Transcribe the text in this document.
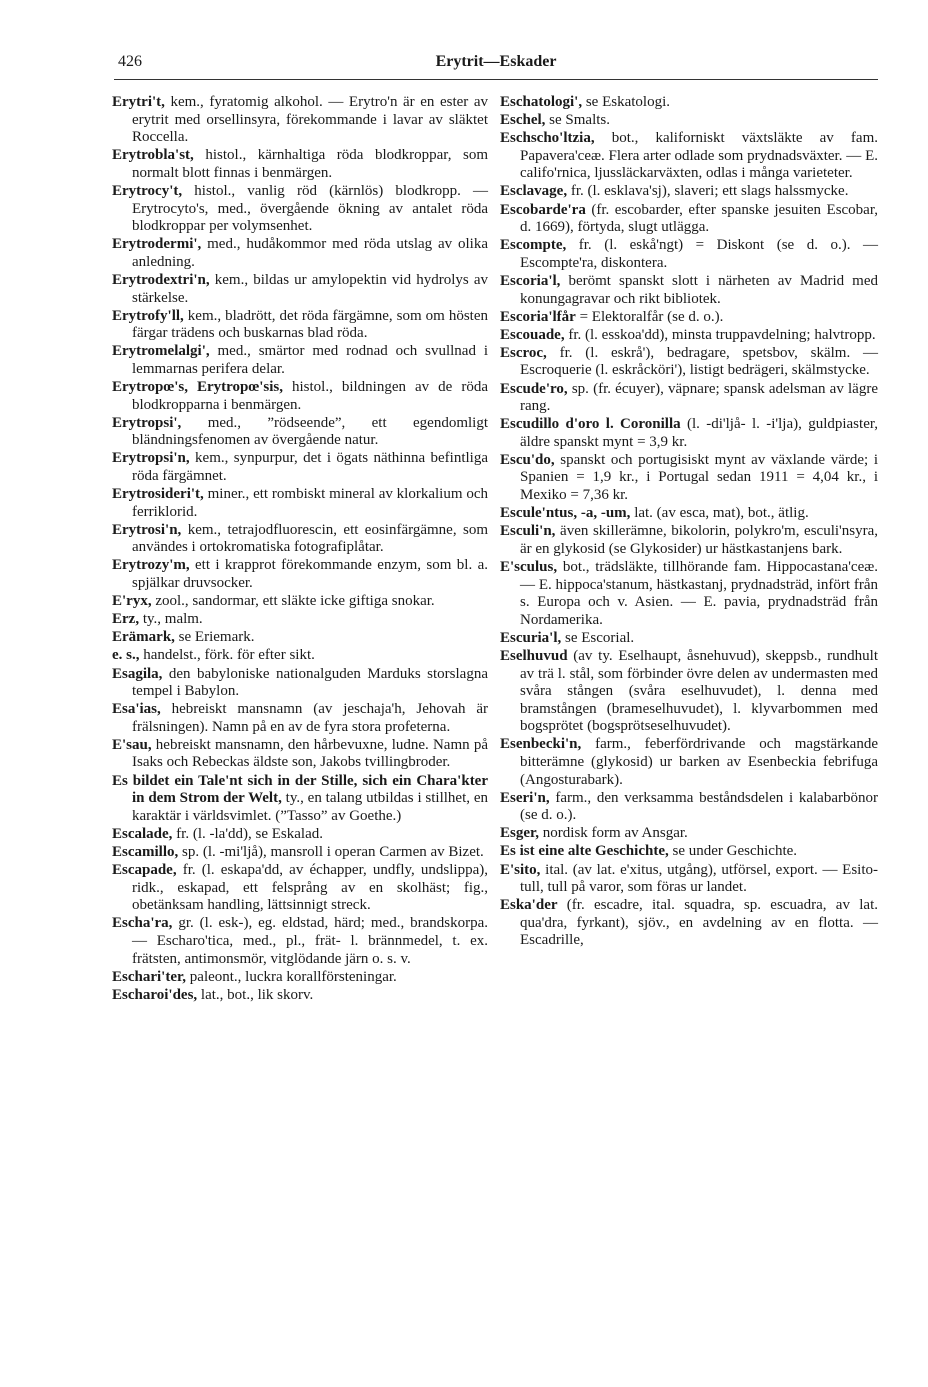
426	Erytrit—Eskader

Erytri't, kem., fyratomig alkohol. — Erytro'n är en ester av erytrit med orsellinsyra, förekommande i lavar av släktet Roccella.

Erytrobla'st, histol., kärnhaltiga röda blodkroppar, som normalt blott finnas i benmärgen.

Erytrocy't, histol., vanlig röd (kärnlös) blodkropp. — Erytrocyto's, med., övergående ökning av antalet röda blodkroppar per volymsenhet.

Erytrodermi', med., hudåkommor med röda utslag av olika anledning.

Erytrodextri'n, kem., bildas ur amylopektin vid hydrolys av stärkelse.

Erytrofy'll, kem., bladrött, det röda färgämne, som om hösten färgar trädens och buskarnas blad röda.

Erytromelalgi', med., smärtor med rodnad och svullnad i lemmarnas perifera delar.

Erytropœ's, Erytropœ'sis, histol., bildningen av de röda blodkropparna i benmärgen.

Erytropsi', med., ”rödseende”, ett egendomligt bländningsfenomen av övergående natur.

Erytropsi'n, kem., synpurpur, det i ögats näthinna befintliga röda färgämnet.

Erytrosideri't, miner., ett rombiskt mineral av klorkalium och ferriklorid.

Erytrosi'n, kem., tetrajodfluorescin, ett eosinfärgämne, som användes i ortokromatiska fotografiplåtar.

Erytrozy'm, ett i krapprot förekommande enzym, som bl. a. spjälkar druvsocker.

E'ryx, zool., sandormar, ett släkte icke giftiga snokar.

Erz, ty., malm.

Erämark, se Eriemark.

e. s., handelst., förk. för efter sikt.

Esagila, den babyloniske nationalguden Marduks storslagna tempel i Babylon.

Esa'ias, hebreiskt mansnamn (av jeschaja'h, Jehovah är frälsningen). Namn på en av de fyra stora profeterna.

E'sau, hebreiskt mansnamn, den hårbevuxne, ludne. Namn på Isaks och Rebeckas äldste son, Jakobs tvillingbroder.

Es bildet ein Tale'nt sich in der Stille, sich ein Chara'kter in dem Strom der Welt, ty., en talang utbildas i stillhet, en karaktär i världsvimlet. (”Tasso” av Goethe.)

Escalade, fr. (l. -la'dd), se Eskalad.

Escamillo, sp. (l. -mi'ljå), mansroll i operan Carmen av Bizet.

Escapade, fr. (l. eskapa'dd, av échapper, undfly, undslippa), ridk., eskapad, ett felsprång av en skolhäst; fig., obetänksam handling, lättsinnigt streck.

Escha'ra, gr. (l. esk-), eg. eldstad, härd; med., brandskorpa. — Escharo'tica, med., pl., frät- l. brännmedel, t. ex. frätsten, antimonsmör, vitglödande järn o. s. v.

Eschari'ter, paleont., luckra korallförsteningar.

Escharoi'des, lat., bot., lik skorv.

Eschatologi', se Eskatologi.

Eschel, se Smalts.

Eschscho'ltzia, bot., kaliforniskt växtsläkte av fam. Papavera'ceæ. Flera arter odlade som prydnadsväxter. — E. califo'rnica, ljussläckarväxten, odlas i många varieteter.

Esclavage, fr. (l. esklava'sj), slaveri; ett slags halssmycke.

Escobarde'ra (fr. escobarder, efter spanske jesuiten Escobar, d. 1669), förtyda, slugt utlägga.

Escompte, fr. (l. eskå'ngt) = Diskont (se d. o.). — Escompte'ra, diskontera.

Escoria'l, berömt spanskt slott i närheten av Madrid med konungagravar och rikt bibliotek.

Escoria'lfår = Elektoralfår (se d. o.).

Escouade, fr. (l. esskoa'dd), minsta truppavdelning; halvtropp.

Escroc, fr. (l. eskrå'), bedragare, spetsbov, skälm. — Escroquerie (l. eskråcköri'), listigt bedrägeri, skälmstycke.

Escude'ro, sp. (fr. écuyer), väpnare; spansk adelsman av lägre rang.

Escudillo d'oro l. Coronilla (l. -di'ljå- l. -i'lja), guldpiaster, äldre spanskt mynt = 3,9 kr.

Escu'do, spanskt och portugisiskt mynt av växlande värde; i Spanien = 1,9 kr., i Portugal sedan 1911 = 4,04 kr., i Mexiko = 7,36 kr.

Escule'ntus, -a, -um, lat. (av esca, mat), bot., ätlig.

Esculi'n, även skillerämne, bikolorin, polykro'm, esculi'nsyra, är en glykosid (se Glykosider) ur hästkastanjens bark.

E'sculus, bot., trädsläkte, tillhörande fam. Hippocastana'ceæ. — E. hippoca'stanum, hästkastanj, prydnadsträd, infört från s. Europa och v. Asien. — E. pavia, prydnadsträd från Nordamerika.

Escuria'l, se Escorial.

Eselhuvud (av ty. Eselhaupt, åsnehuvud), skeppsb., rundhult av trä l. stål, som förbinder övre delen av undermasten med svåra stången (svåra eselhuvudet), l. denna med bramstången (brameselhuvudet), l. klyvarbommen med bogsprötet (bogsprötseselhuvudet).

Esenbecki'n, farm., feberfördrivande och magstärkande bitterämne (glykosid) ur barken av Esenbeckia febrifuga (Angosturabark).

Eseri'n, farm., den verksamma beståndsdelen i kalabarbönor (se d. o.).

Esger, nordisk form av Ansgar.

Es ist eine alte Geschichte, se under Geschichte.

E'sito, ital. (av lat. e'xitus, utgång), utförsel, export. — Esito-tull, tull på varor, som föras ur landet.

Eska'der (fr. escadre, ital. squadra, sp. escuadra, av lat. qua'dra, fyrkant), sjöv., en avdelning av en flotta. — Escadrille,
